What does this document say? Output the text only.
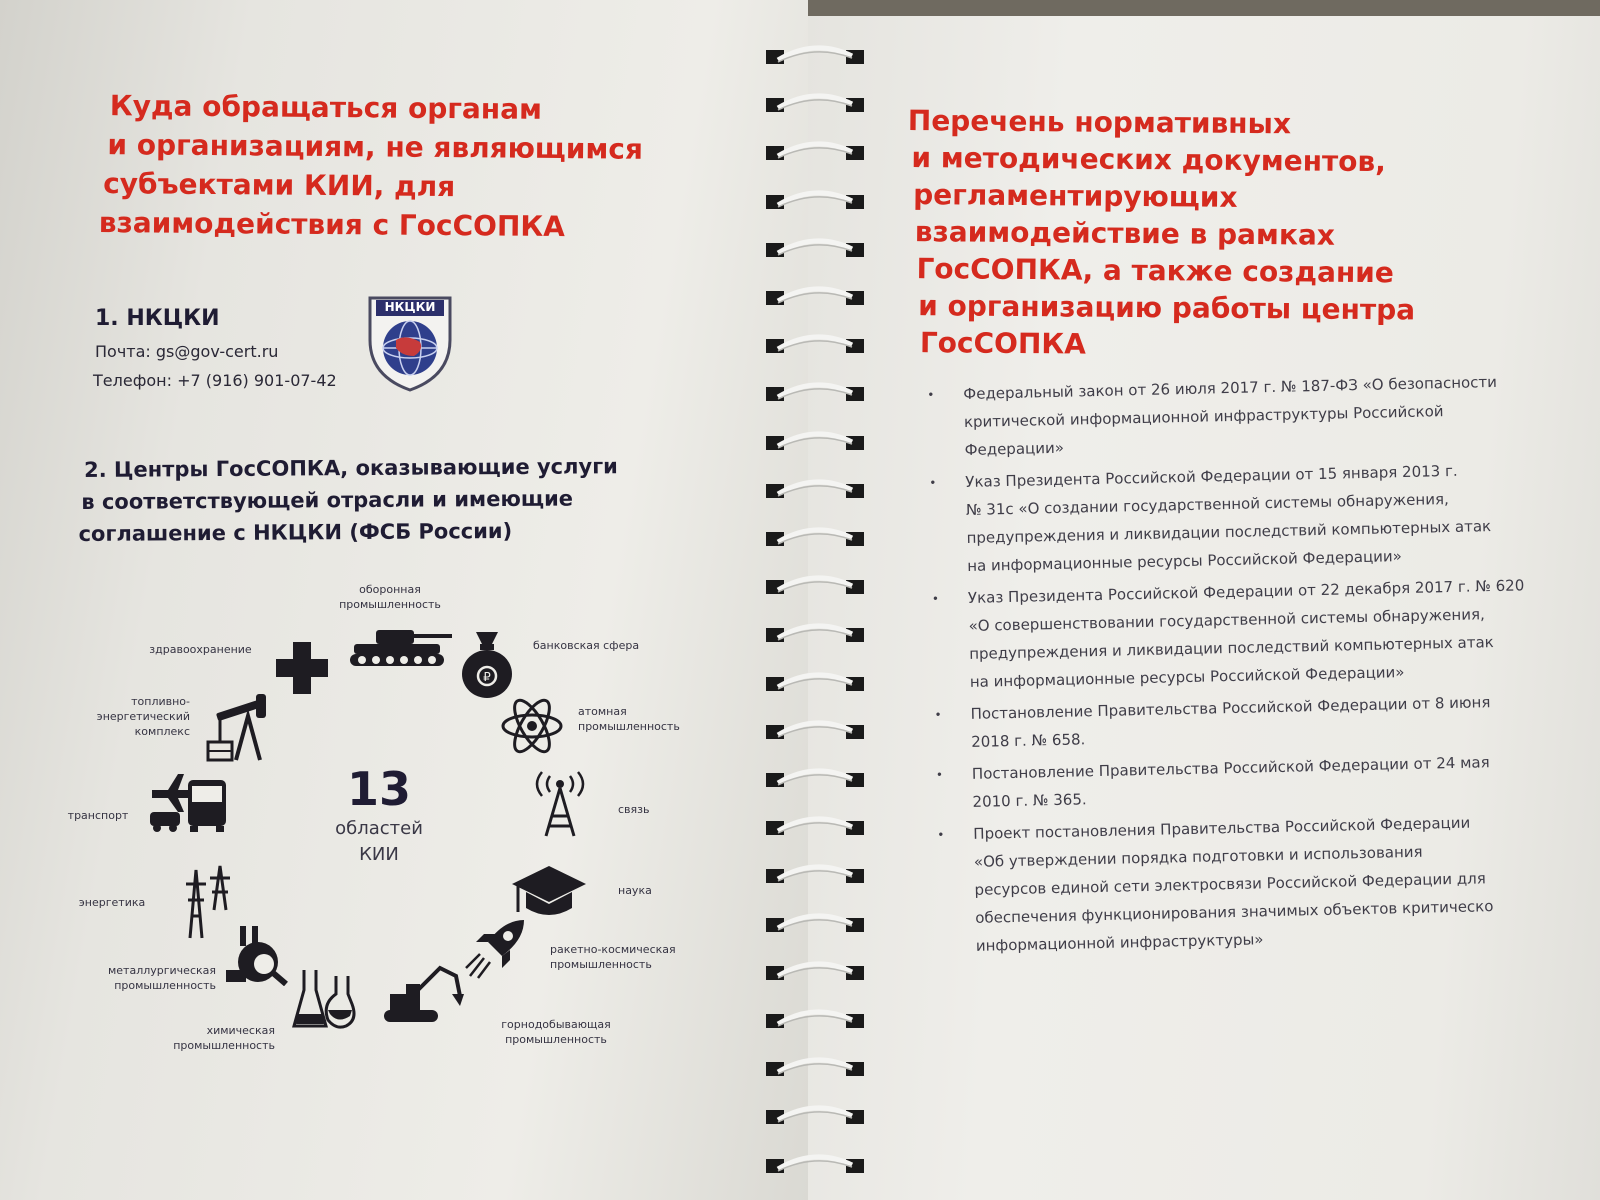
Куда обращаться органам
и организациям, не являющимся
субъектами КИИ, для
взаимодействия с ГосСОПКА
1. НКЦКИ
Почта: gs@gov-cert.ru
Телефон: +7 (916) 901-07-42
НКЦКИ
2. Центры ГосСОПКА, оказывающие услуги
в соответствующей отрасли и имеющие
соглашение с НКЦКИ (ФСБ России)
13
областей
КИИ
оборонная промышленность
здравоохранение	банковская сфера
топливно-энергетический комплекс
атомная промышленность
транспорт	связь
энергетика
наука
металлургическая промышленность
ракетно-космическая промышленность
химическая промышленность
горнодобывающая промышленность
₽
Перечень нормативных
и методических документов,
регламентирующих
взаимодействие в рамках
ГосСОПКА, а также создание
и организацию работы центра
ГосСОПКА
• Федеральный закон от 26 июля 2017 г. № 187-ФЗ «О безопасности
критической информационной инфраструктуры Российской
Федерации»
• Указ Президента Российской Федерации от 15 января 2013 г.
№ 31с «О создании государственной системы обнаружения,
предупреждения и ликвидации последствий компьютерных атак
на информационные ресурсы Российской Федерации»
• Указ Президента Российской Федерации от 22 декабря 2017 г. № 620
«О совершенствовании государственной системы обнаружения,
предупреждения и ликвидации последствий компьютерных атак
на информационные ресурсы Российской Федерации»
• Постановление Правительства Российской Федерации от 8 июня
2018 г. № 658.
• Постановление Правительства Российской Федерации от 24 мая
2010 г. № 365.
• Проект постановления Правительства Российской Федерации
«Об утверждении порядка подготовки и использования
ресурсов единой сети электросвязи Российской Федерации для
обеспечения функционирования значимых объектов критическо
информационной инфраструктуры»
